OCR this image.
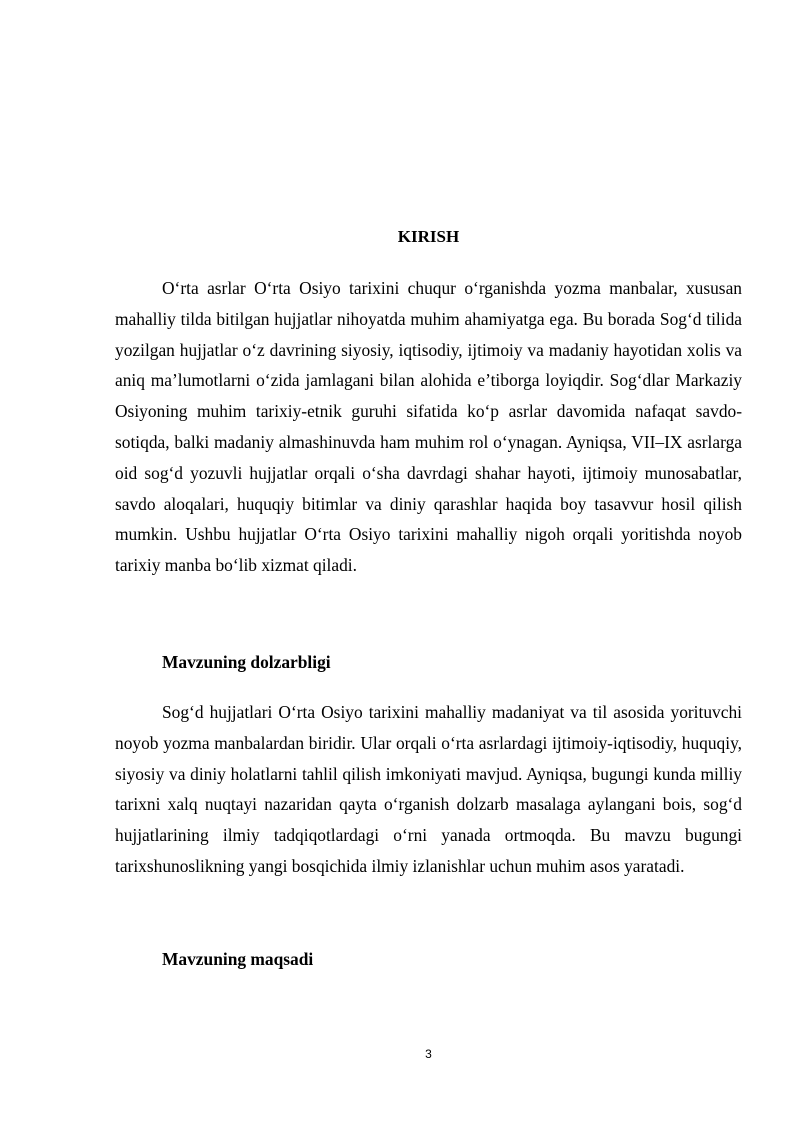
KIRISH

O‘rta asrlar O‘rta Osiyo tarixini chuqur o‘rganishda yozma manbalar, xususan mahalliy tilda bitilgan hujjatlar nihoyatda muhim ahamiyatga ega. Bu borada Sog‘d tilida yozilgan hujjatlar o‘z davrining siyosiy, iqtisodiy, ijtimoiy va madaniy hayotidan xolis va aniq ma’lumotlarni o‘zida jamlagani bilan alohida e’tiborga loyiqdir. Sog‘dlar Markaziy Osiyoning muhim tarixiy-etnik guruhi sifatida ko‘p asrlar davomida nafaqat savdo-sotiqda, balki madaniy almashinuvda ham muhim rol o‘ynagan. Ayniqsa, VII–IX asrlarga oid sog‘d yozuvli hujjatlar orqali o‘sha davrdagi shahar hayoti, ijtimoiy munosabatlar, savdo aloqalari, huquqiy bitimlar va diniy qarashlar haqida boy tasavvur hosil qilish mumkin. Ushbu hujjatlar O‘rta Osiyo tarixini mahalliy nigoh orqali yoritishda noyob tarixiy manba bo‘lib xizmat qiladi.

Mavzuning dolzarbligi

Sog‘d hujjatlari O‘rta Osiyo tarixini mahalliy madaniyat va til asosida yorituvchi noyob yozma manbalardan biridir. Ular orqali o‘rta asrlardagi ijtimoiy-iqtisodiy, huquqiy, siyosiy va diniy holatlarni tahlil qilish imkoniyati mavjud. Ayniqsa, bugungi kunda milliy tarixni xalq nuqtayi nazaridan qayta o‘rganish dolzarb masalaga aylangani bois, sog‘d hujjatlarining ilmiy tadqiqotlardagi o‘rni yanada ortmoqda. Bu mavzu bugungi tarixshunoslikning yangi bosqichida ilmiy izlanishlar uchun muhim asos yaratadi.

Mavzuning maqsadi
3
